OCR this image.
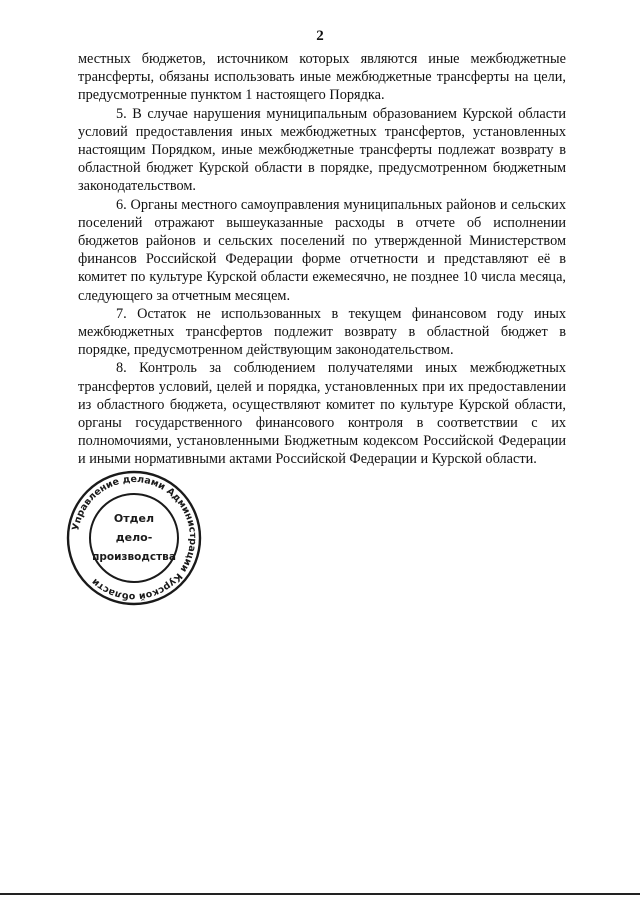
2

местных бюджетов, источником которых являются иные межбюджетные трансферты, обязаны использовать иные межбюджетные трансферты на цели, предусмотренные пунктом 1 настоящего Порядка.

5. В случае нарушения муниципальным образованием Курской области условий предоставления иных межбюджетных трансфертов, установленных настоящим Порядком, иные межбюджетные трансферты подлежат возврату в областной бюджет Курской области в порядке, предусмотренном бюджетным законодательством.

6. Органы местного самоуправления муниципальных районов и сельских поселений отражают вышеуказанные расходы в отчете об исполнении бюджетов районов и сельских поселений по утвержденной Министерством финансов Российской Федерации форме отчетности и представляют её в комитет по культуре Курской области ежемесячно, не позднее 10 числа месяца, следующего за отчетным месяцем.

7. Остаток не использованных в текущем финансовом году иных межбюджетных трансфертов подлежит возврату в областной бюджет в порядке, предусмотренном действующим законодательством.

8. Контроль за соблюдением получателями иных межбюджетных трансфертов условий, целей и порядка, установленных при их предоставлении из областного бюджета, осуществляют комитет по культуре Курской области, органы государственного финансового контроля в соответствии с их полномочиями, установленными Бюджетным кодексом Российской Федерации и иными нормативными актами Российской Федерации и Курской области.

Управление делами Администрации Курской области
Отдел
дело-
производства
